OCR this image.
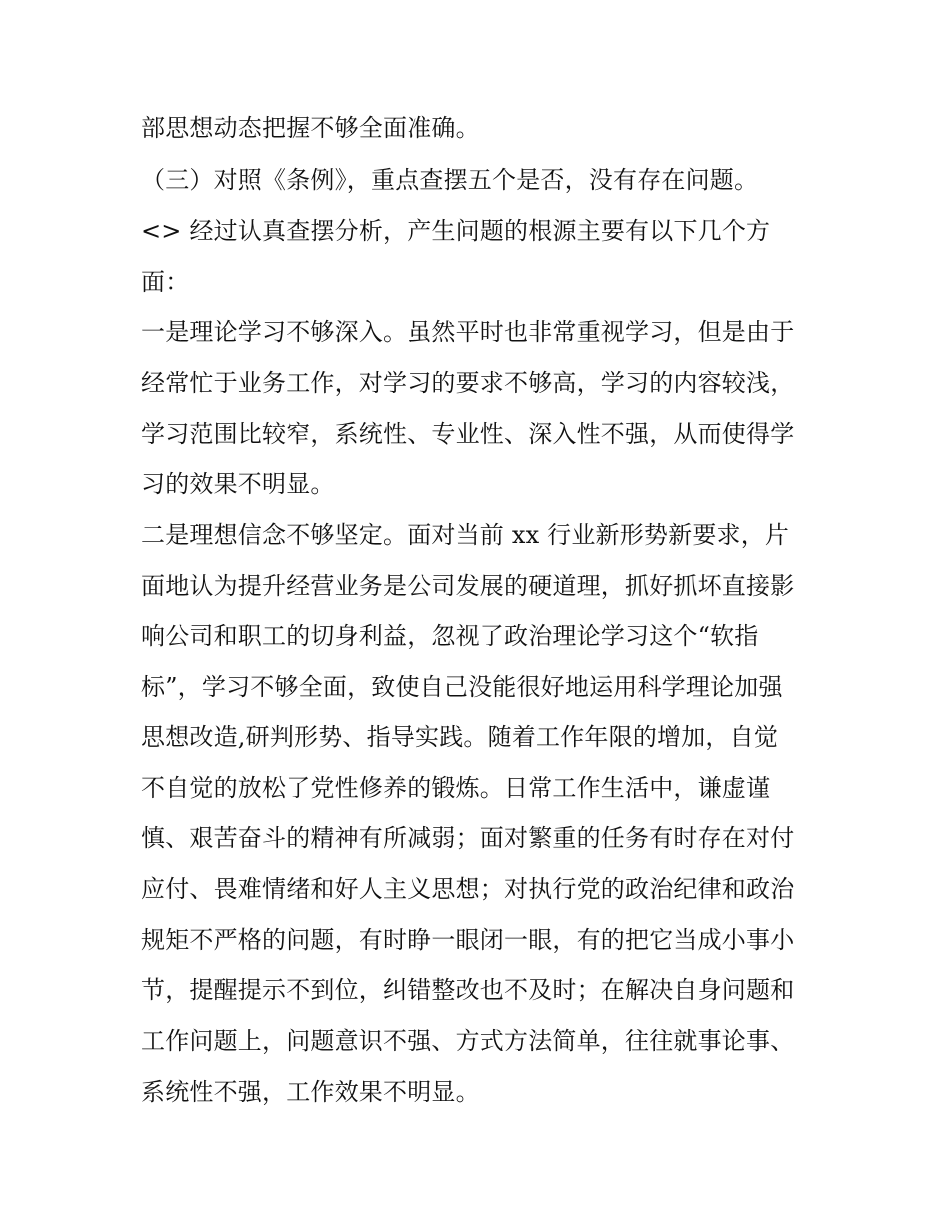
部思想动态把握不够全面准确。
（三）对照《条例》，重点查摆五个是否，没有存在问题。
<> 经过认真查摆分析，产生问题的根源主要有以下几个方
面：
一是理论学习不够深入。虽然平时也非常重视学习，但是由于
经常忙于业务工作，对学习的要求不够高，学习的内容较浅，
学习范围比较窄，系统性、专业性、深入性不强，从而使得学
习的效果不明显。
二是理想信念不够坚定。面对当前 xx 行业新形势新要求，片
面地认为提升经营业务是公司发展的硬道理，抓好抓坏直接影
响公司和职工的切身利益，忽视了政治理论学习这个“软指
标”，学习不够全面，致使自己没能很好地运用科学理论加强
思想改造,研判形势、指导实践。随着工作年限的增加，自觉
不自觉的放松了党性修养的锻炼。日常工作生活中，谦虚谨
慎、艰苦奋斗的精神有所减弱；面对繁重的任务有时存在对付
应付、畏难情绪和好人主义思想；对执行党的政治纪律和政治
规矩不严格的问题，有时睁一眼闭一眼，有的把它当成小事小
节，提醒提示不到位，纠错整改也不及时；在解决自身问题和
工作问题上，问题意识不强、方式方法简单，往往就事论事、
系统性不强，工作效果不明显。
